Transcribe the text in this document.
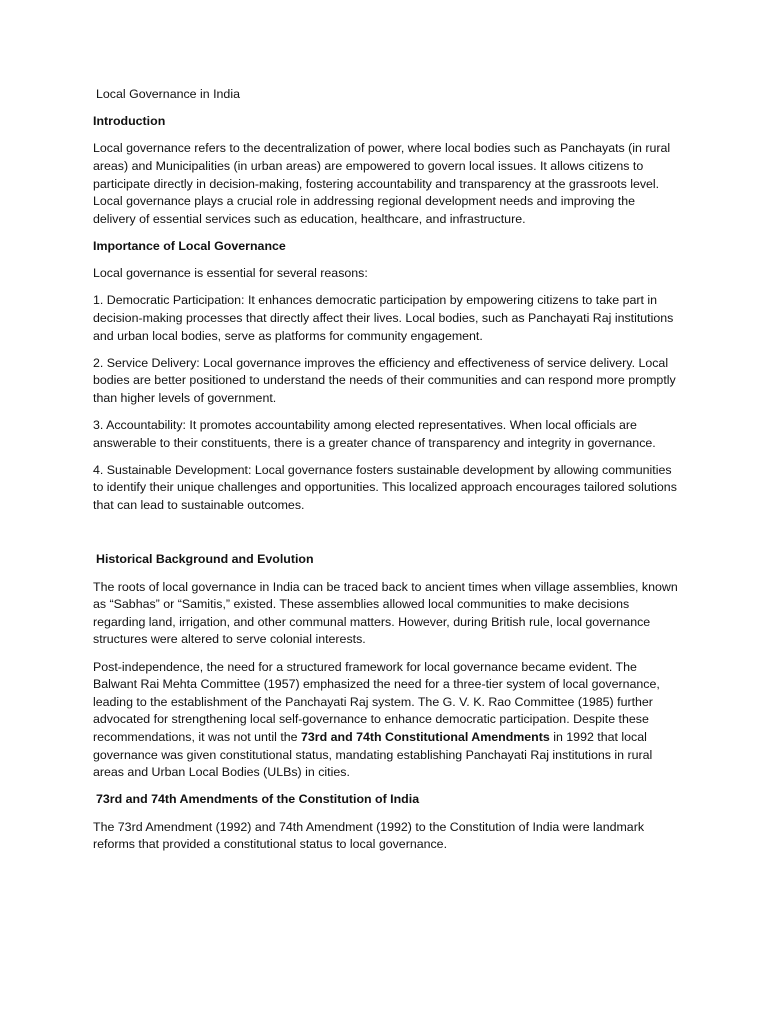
Local Governance in India

Introduction

Local governance refers to the decentralization of power, where local bodies such as Panchayats (in rural areas) and Municipalities (in urban areas) are empowered to govern local issues. It allows citizens to participate directly in decision-making, fostering accountability and transparency at the grassroots level. Local governance plays a crucial role in addressing regional development needs and improving the delivery of essential services such as education, healthcare, and infrastructure.

Importance of Local Governance

Local governance is essential for several reasons:

1. Democratic Participation: It enhances democratic participation by empowering citizens to take part in decision-making processes that directly affect their lives. Local bodies, such as Panchayati Raj institutions and urban local bodies, serve as platforms for community engagement.

2. Service Delivery: Local governance improves the efficiency and effectiveness of service delivery. Local bodies are better positioned to understand the needs of their communities and can respond more promptly than higher levels of government.

3. Accountability: It promotes accountability among elected representatives. When local officials are answerable to their constituents, there is a greater chance of transparency and integrity in governance.

4. Sustainable Development: Local governance fosters sustainable development by allowing communities to identify their unique challenges and opportunities. This localized approach encourages tailored solutions that can lead to sustainable outcomes.

Historical Background and Evolution

The roots of local governance in India can be traced back to ancient times when village assemblies, known as “Sabhas” or “Samitis,” existed. These assemblies allowed local communities to make decisions regarding land, irrigation, and other communal matters. However, during British rule, local governance structures were altered to serve colonial interests.

Post-independence, the need for a structured framework for local governance became evident. The Balwant Rai Mehta Committee (1957) emphasized the need for a three-tier system of local governance, leading to the establishment of the Panchayati Raj system. The G. V. K. Rao Committee (1985) further advocated for strengthening local self-governance to enhance democratic participation. Despite these recommendations, it was not until the 73rd and 74th Constitutional Amendments in 1992 that local governance was given constitutional status, mandating establishing Panchayati Raj institutions in rural areas and Urban Local Bodies (ULBs) in cities.

73rd and 74th Amendments of the Constitution of India

The 73rd Amendment (1992) and 74th Amendment (1992) to the Constitution of India were landmark reforms that provided a constitutional status to local governance.
